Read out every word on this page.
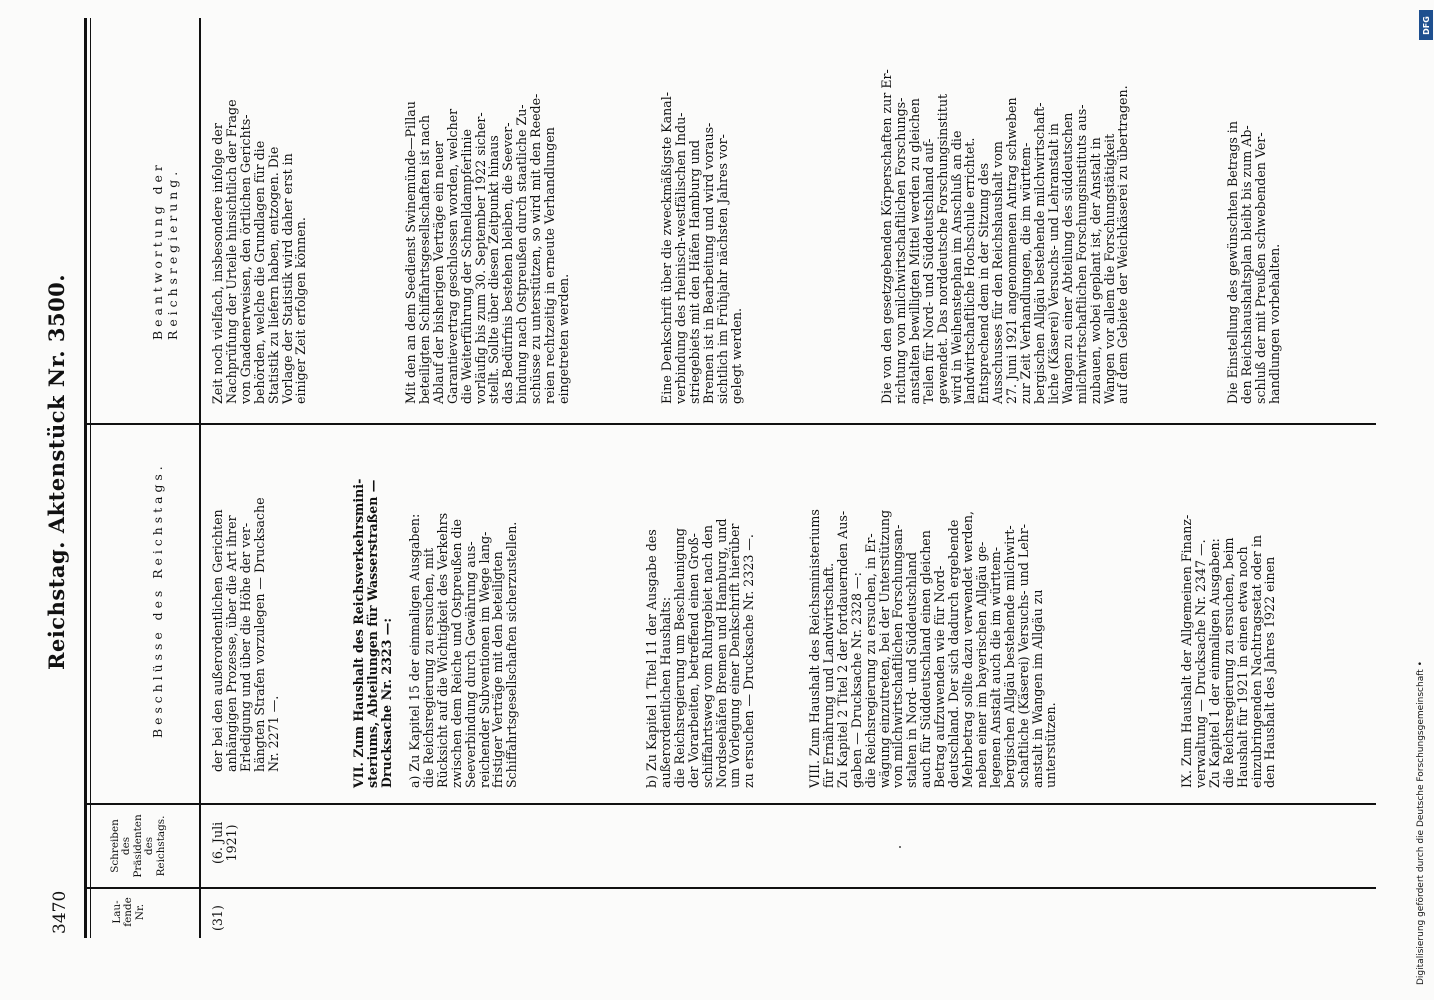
3470
Reichstag. Aktenstück Nr. 3500.
Lau-
fende
Nr.
Schreiben
des
Präsidenten
des
Reichstags.
Beschlüsse des Reichstags.
Beantwortung der Reichsregierung.
(31)
(6. Juli
1921)
der bei den außerordentlichen Gerichten
anhängigen Prozesse, über die Art ihrer
Erledigung und über die Höhe der ver-
hängten Strafen vorzulegen — Drucksache
Nr. 2271 —.
VII. Zum Haushalt des Reichsverkehrsmini-
steriums, Abteilungen für Wasserstraßen —
Drucksache Nr. 2323 —:
a) Zu Kapitel 15 der einmaligen Ausgaben:
die Reichsregierung zu ersuchen, mit
Rücksicht auf die Wichtigkeit des Verkehrs
zwischen dem Reiche und Ostpreußen die
Seeverbindung durch Gewährung aus-
reichender Subventionen im Wege lang-
fristiger Verträge mit den beteiligten
Schiffahrtsgesellschaften sicherzustellen.
b) Zu Kapitel 1 Titel 11 der Ausgabe des
außerordentlichen Haushalts:
die Reichsregierung um Beschleunigung
der Vorarbeiten, betreffend einen Groß-
schiffahrtsweg vom Ruhrgebiet nach den
Nordseehäfen Bremen und Hamburg, und
um Vorlegung einer Denkschrift hierüber
zu ersuchen — Drucksache Nr. 2323 —.
VIII. Zum Haushalt des Reichsministeriums
für Ernährung und Landwirtschaft.
Zu Kapitel 2 Titel 2 der fortdauernden Aus-
gaben — Drucksache Nr. 2328 —:
die Reichsregierung zu ersuchen, in Er-
wägung einzutreten, bei der Unterstützung
von milchwirtschaftlichen Forschungsan-
stalten in Nord- und Süddeutschland
auch für Süddeutschland einen gleichen
Betrag aufzuwenden wie für Nord-
deutschland. Der sich dadurch ergebende
Mehrbetrag sollte dazu verwendet werden,
neben einer im bayerischen Allgäu ge-
legenen Anstalt auch die im württem-
bergischen Allgäu bestehende milchwirt-
schaftliche (Käserei) Versuchs- und Lehr-
anstalt in Wangen im Allgäu zu
unterstützen.	IX. Zum Haushalt der Allgemeinen Finanz-
verwaltung — Drucksache Nr. 2347 —.
Zu Kapitel 1 der einmaligen Ausgaben:
die Reichsregierung zu ersuchen, beim
Haushalt für 1921 in einen etwa noch
einzubringenden Nachtragsetat oder in
den Haushalt des Jahres 1922 einen
Zeit noch vielfach, insbesondere infolge der
Nachprüfung der Urteile hinsichtlich der Frage
von Gnadenerweisen, den örtlichen Gerichts-
behörden, welche die Grundlagen für die
Statistik zu liefern haben, entzogen. Die
Vorlage der Statistik wird daher erst in
einiger Zeit erfolgen können.
Mit den an dem Seedienst Swinemünde—Pillau
beteiligten Schiffahrtsgesellschaften ist nach
Ablauf der bisherigen Verträge ein neuer
Garantievertrag geschlossen worden, welcher
die Weiterführung der Schnelldampferlinie
vorläufig bis zum 30. September 1922 sicher-
stellt. Sollte über diesen Zeitpunkt hinaus
das Bedürfnis bestehen bleiben, die Seever-
bindung nach Ostpreußen durch staatliche Zu-
schüsse zu unterstützen, so wird mit den Reede-
reien rechtzeitig in erneute Verhandlungen
eingetreten werden.
Eine Denkschrift über die zweckmäßigste Kanal-
verbindung des rheinisch-westfälischen Indu-
striegebiets mit den Häfen Hamburg und
Bremen ist in Bearbeitung und wird voraus-
sichtlich im Frühjahr nächsten Jahres vor-
gelegt werden.
Die von den gesetzgebenden Körperschaften zur Er-
richtung von milchwirtschaftlichen Forschungs-
anstalten bewilligten Mittel werden zu gleichen
Teilen für Nord- und Süddeutschland auf-
gewendet. Das norddeutsche Forschungsinstitut
wird in Weihenstephan im Anschluß an die
landwirtschaftliche Hochschule errichtet.
Entsprechend dem in der Sitzung des
Ausschusses für den Reichshaushalt vom
27. Juni 1921 angenommenen Antrag schweben
zur Zeit Verhandlungen, die im württem-
bergischen Allgäu bestehende milchwirtschaft-
liche (Käserei) Versuchs- und Lehranstalt in
Wangen zu einer Abteilung des süddeutschen
milchwirtschaftlichen Forschungsinstituts aus-
zubauen, wobei geplant ist, der Anstalt in
Wangen vor allem die Forschungstätigkeit
auf dem Gebiete der Weichkäserei zu übertragen.
Die Einstellung des gewünschten Betrags in
den Reichshaushaltsplan bleibt bis zum Ab-
schluß der mit Preußen schwebenden Ver-
handlungen vorbehalten.
Digitalisierung gefördert durch die Deutsche Forschungsgemeinschaft •
DFG
